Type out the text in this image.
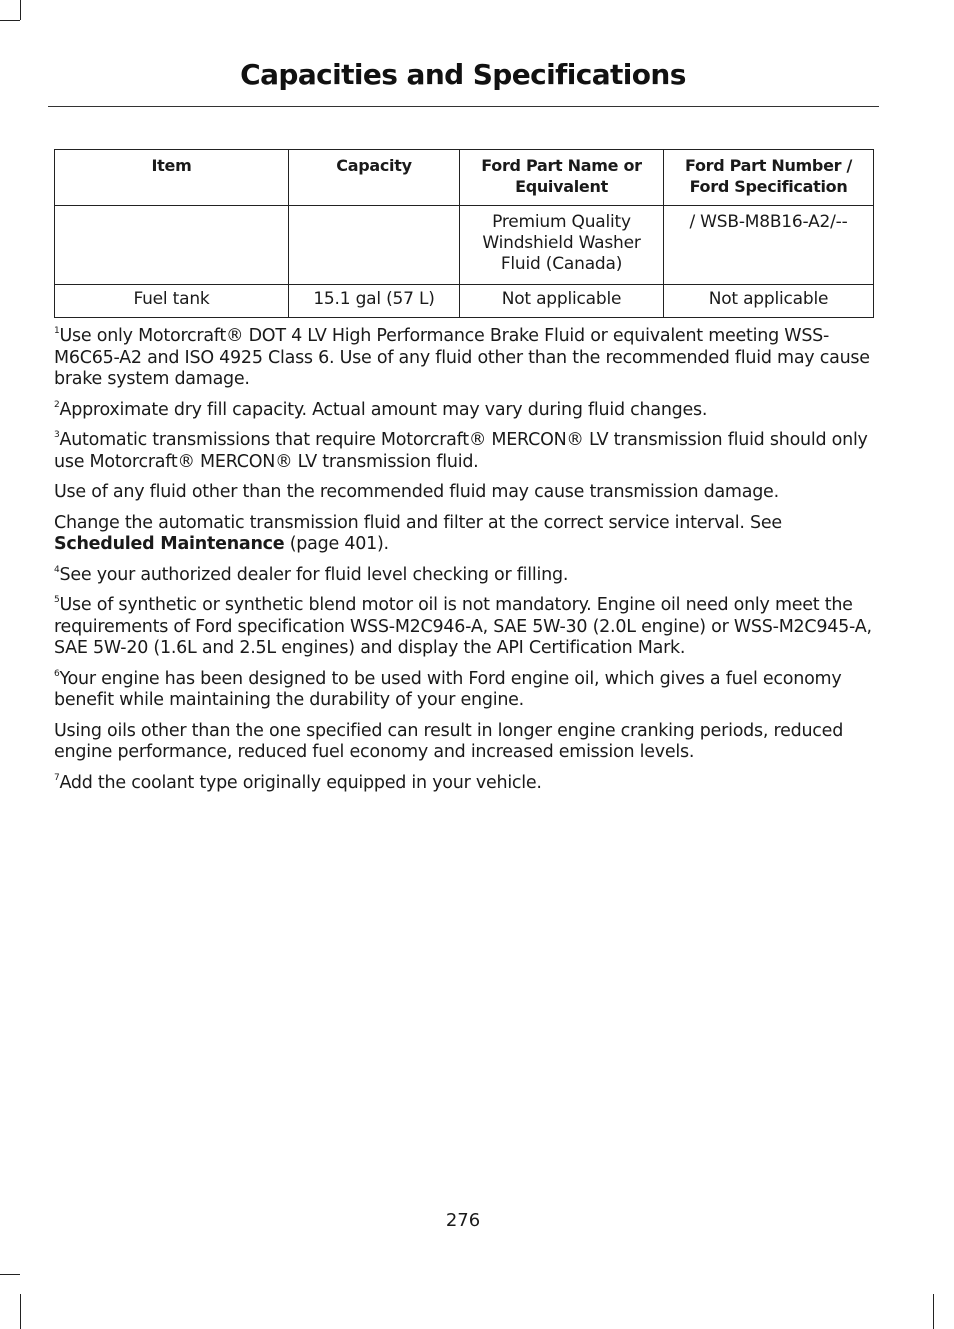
Capacities and Specifications
Item	Capacity	Ford Part Name or Equivalent	Ford Part Number / Ford Specification
		Premium Quality Windshield Washer Fluid (Canada)	/ WSB-M8B16-A2/--
Fuel tank	15.1 gal (57 L)	Not applicable	Not applicable

$^1$Use only Motorcraft® DOT 4 LV High Performance Brake Fluid or equivalent meeting WSS-M6C65-A2 and ISO 4925 Class 6. Use of any fluid other than the recommended fluid may cause brake system damage.

$^2$Approximate dry fill capacity. Actual amount may vary during fluid changes.

$^3$Automatic transmissions that require Motorcraft® MERCON® LV transmission fluid should only use Motorcraft® MERCON® LV transmission fluid.

Use of any fluid other than the recommended fluid may cause transmission damage.

Change the automatic transmission fluid and filter at the correct service interval. See
Scheduled Maintenance (page 401).

$^4$See your authorized dealer for fluid level checking or filling.

$^5$Use of synthetic or synthetic blend motor oil is not mandatory. Engine oil need only meet the requirements of Ford specification WSS-M2C946-A, SAE 5W-30 (2.0L engine) or WSS-M2C945-A, SAE 5W-20 (1.6L and 2.5L engines) and display the API Certification Mark.

$^6$Your engine has been designed to be used with Ford engine oil, which gives a fuel economy benefit while maintaining the durability of your engine.

Using oils other than the one specified can result in longer engine cranking periods, reduced engine performance, reduced fuel economy and increased emission levels.

$^7$Add the coolant type originally equipped in your vehicle.

276
